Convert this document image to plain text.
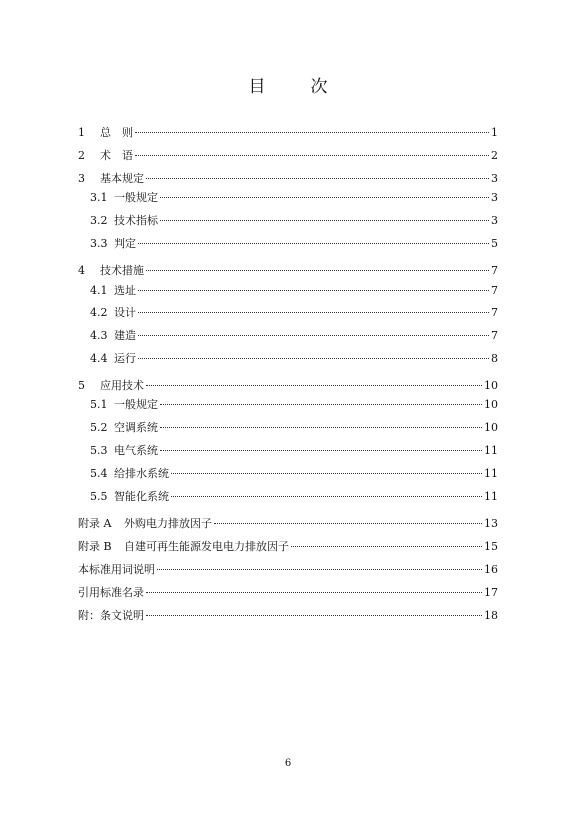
目　次
1 总　则	1
2 术　语	2
3 基本规定	3
3.1 一般规定	3
3.2 技术指标	3
3.3 判定	5
4 技术措施	7
4.1 选址	7
4.2 设计	7
4.3 建造	7
4.4 运行	8
5 应用技术	10
5.1 一般规定	10
5.2 空调系统	10
5.3 电气系统	11
5.4 给排水系统	11
5.5 智能化系统	11
附录 A 外购电力排放因子	13
附录 B 自建可再生能源发电电力排放因子	15
本标准用词说明	16
引用标准名录	17
附：条文说明	18
6
